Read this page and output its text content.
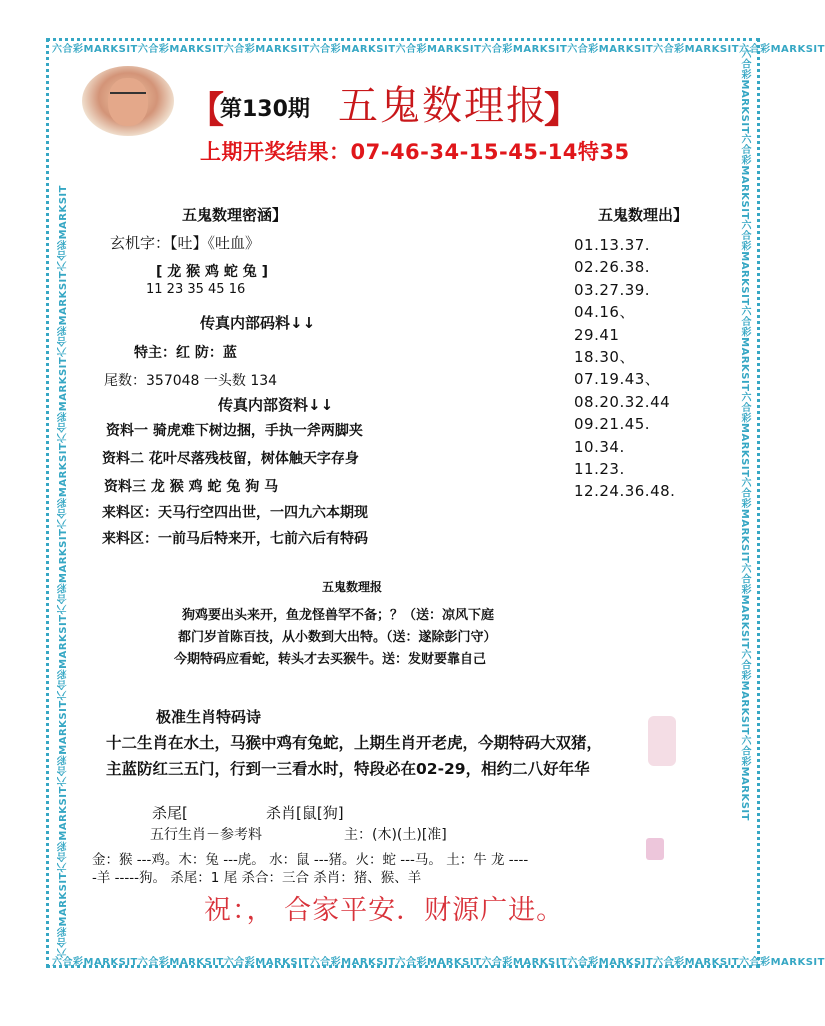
六合彩MARKSIT六合彩MARKSIT六合彩MARKSIT六合彩MARKSIT六合彩MARKSIT六合彩MARKSIT六合彩MARKSIT六合彩MARKSIT六合彩MARKSIT
六合彩MARKSIT六合彩MARKSIT六合彩MARKSIT六合彩MARKSIT六合彩MARKSIT六合彩MARKSIT六合彩MARKSIT六合彩MARKSIT六合彩MARKSIT
六合彩MARKSIT六合彩MARKSIT六合彩MARKSIT六合彩MARKSIT六合彩MARKSIT六合彩MARKSIT六合彩MARKSIT六合彩MARKSIT六合彩MARKSIT	六合彩MARKSIT六合彩MARKSIT六合彩MARKSIT六合彩MARKSIT六合彩MARKSIT六合彩MARKSIT六合彩MARKSIT六合彩MARKSIT六合彩MARKSIT
【
第130期 五鬼数理报
】
上期开奖结果：07-46-34-15-45-14特35
五鬼数理密涵】
玄机字：【吐】《吐血》
[ 龙 猴 鸡 蛇 兔 ]
11 23 35 45 16
传真内部码料↓↓
特主：红 防：蓝
尾数：357048 一头数 134
传真内部资料↓↓
资料一 骑虎难下树边捆，手执一斧两脚夹
资料二 花叶尽落残枝留，树体触天字存身
资料三 龙 猴 鸡 蛇 兔 狗 马
来料区：天马行空四出世，一四九六本期现
来料区：一前马后特来开，七前六后有特码
五鬼数理出】
01.13.37.
02.26.38.
03.27.39.
04.16、
29.41
18.30、
07.19.43、
08.20.32.44
09.21.45.
10.34.
11.23.
12.24.36.48.
五鬼数理报
狗鸡要出头来开，鱼龙怪兽罕不备；？（送：凉风下庭
都门岁首陈百技，从小数到大出特。（送：遂除彭门守）
今期特码应看蛇，转头才去买猴牛。送：发财要靠自己
极准生肖特码诗
十二生肖在水土，马猴中鸡有兔蛇，上期生肖开老虎，今期特码大双猪，
主蓝防红三五门，行到一三看水时，特段必在02-29，相约二八好年华
杀尾[	杀肖[鼠[狗]
五行生肖－参考料	主：(木)(土)[准]
金：猴 ---鸡。木：兔 ---虎。 水：鼠 ---猪。火：蛇 ---马。 土：牛 龙 ----
-羊 -----狗。 杀尾：1 尾 杀合：三合 杀肖：猪、猴、羊
祝：， 合家平安．财源广进。
